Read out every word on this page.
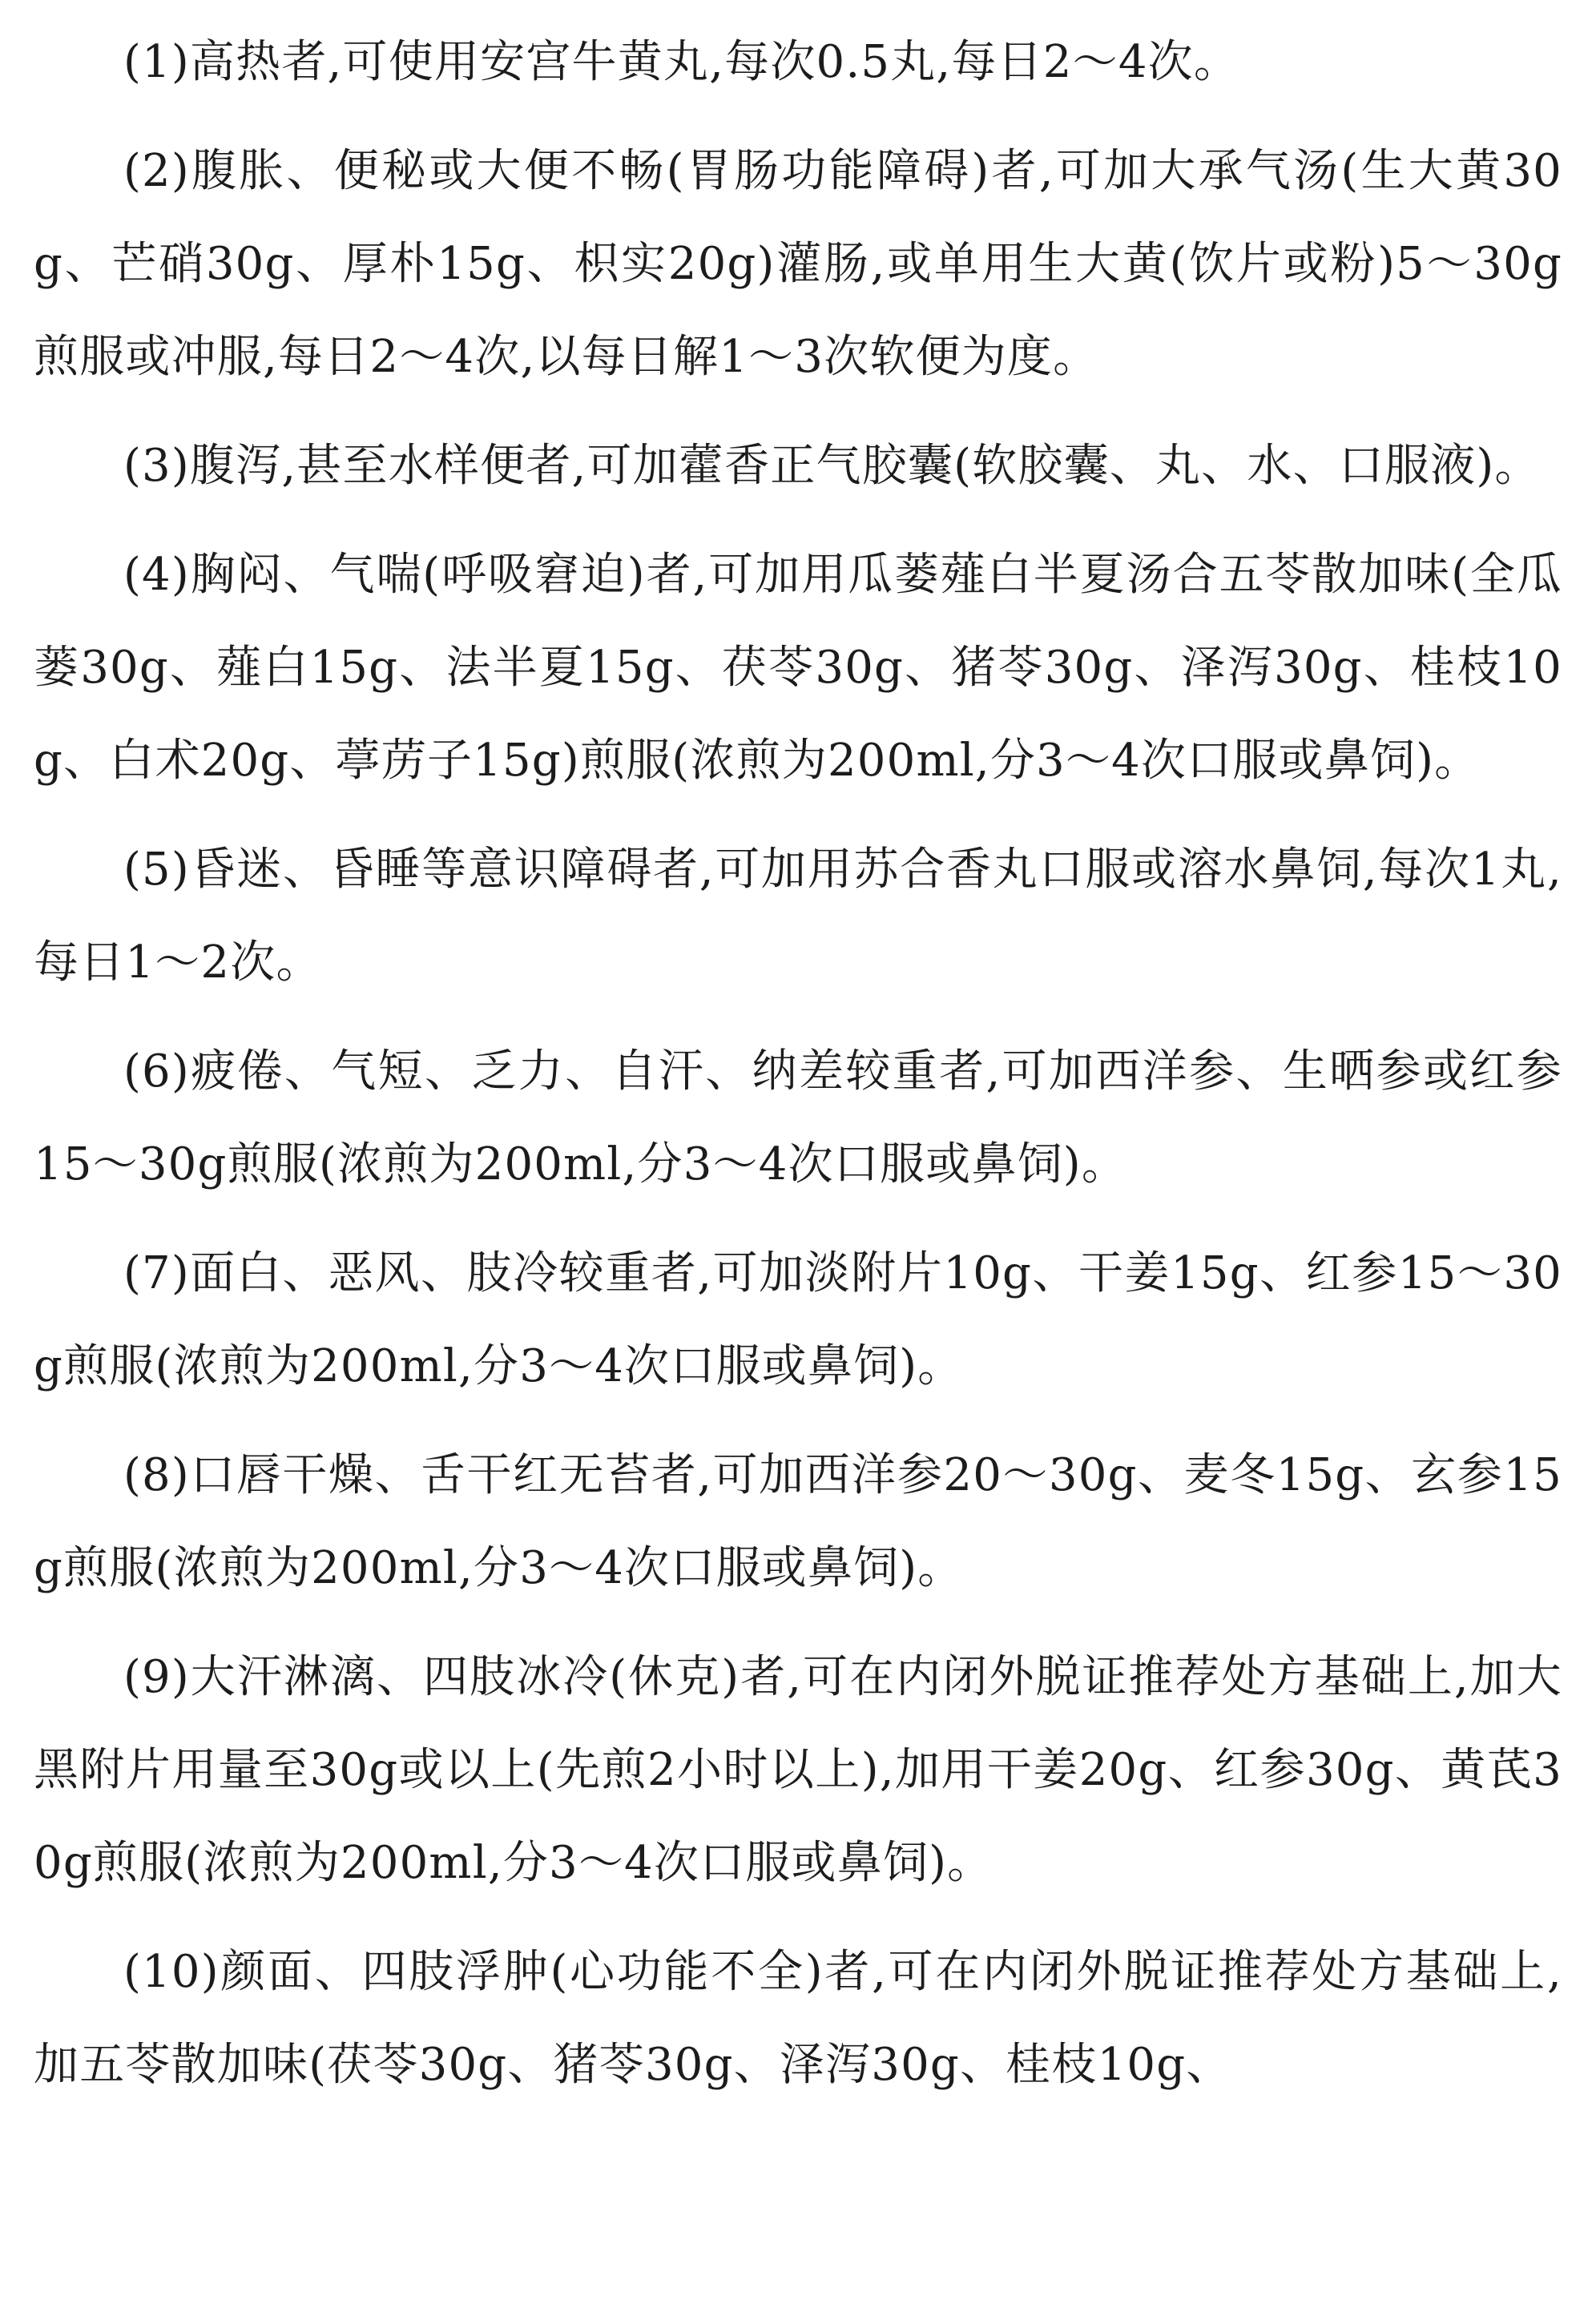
(1)高热者,可使用安宫牛黄丸,每次0.5丸,每日2～4次。

(2)腹胀、便秘或大便不畅(胃肠功能障碍)者,可加大承气汤(生大黄30g、芒硝30g、厚朴15g、枳实20g)灌肠,或单用生大黄(饮片或粉)5～30g煎服或冲服,每日2～4次,以每日解1～3次软便为度。

(3)腹泻,甚至水样便者,可加藿香正气胶囊(软胶囊、丸、水、口服液)。

(4)胸闷、气喘(呼吸窘迫)者,可加用瓜蒌薤白半夏汤合五苓散加味(全瓜蒌30g、薤白15g、法半夏15g、茯苓30g、猪苓30g、泽泻30g、桂枝10g、白术20g、葶苈子15g)煎服(浓煎为200ml,分3～4次口服或鼻饲)。

(5)昏迷、昏睡等意识障碍者,可加用苏合香丸口服或溶水鼻饲,每次1丸,每日1～2次。

(6)疲倦、气短、乏力、自汗、纳差较重者,可加西洋参、生晒参或红参15～30g煎服(浓煎为200ml,分3～4次口服或鼻饲)。

(7)面白、恶风、肢冷较重者,可加淡附片10g、干姜15g、红参15～30g煎服(浓煎为200ml,分3～4次口服或鼻饲)。

(8)口唇干燥、舌干红无苔者,可加西洋参20～30g、麦冬15g、玄参15g煎服(浓煎为200ml,分3～4次口服或鼻饲)。

(9)大汗淋漓、四肢冰冷(休克)者,可在内闭外脱证推荐处方基础上,加大黑附片用量至30g或以上(先煎2小时以上),加用干姜20g、红参30g、黄芪30g煎服(浓煎为200ml,分3～4次口服或鼻饲)。

(10)颜面、四肢浮肿(心功能不全)者,可在内闭外脱证推荐处方基础上,加五苓散加味(茯苓30g、猪苓30g、泽泻30g、桂枝10g、
